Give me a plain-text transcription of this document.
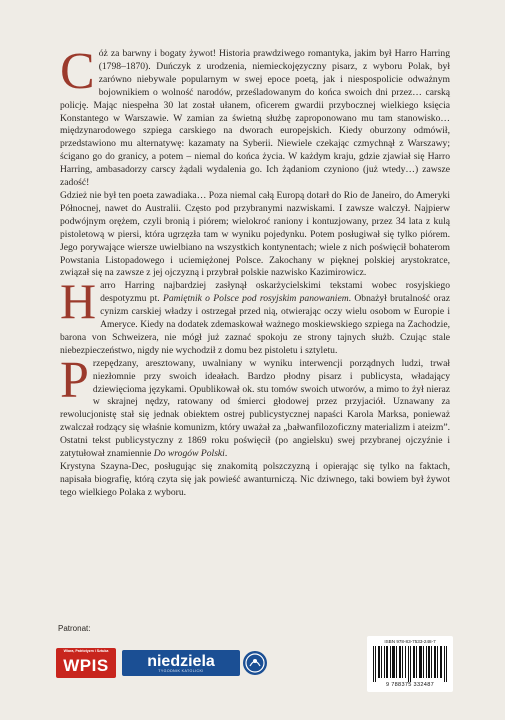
Cóż za barwny i bogaty żywot! Historia prawdziwego romantyka, jakim był Harro Harring (1798–1870). Duńczyk z urodzenia, niemieckojęzyczny pisarz, z wyboru Polak, był zarówno niebywale popularnym w swej epoce poetą, jak i niespospolicie odważnym bojownikiem o wolność narodów, prześladowanym do końca swoich dni przez… carską policję. Mając niespełna 30 lat został ułanem, oficerem gwardii przybocznej wielkiego księcia Konstantego w Warszawie. W zamian za świetną służbę zaproponowano mu tam stanowisko… międzynarodowego szpiega carskiego na dworach europejskich. Kiedy oburzony odmówił, przedstawiono mu alternatywę: kazamaty na Syberii. Niewiele czekając czmychnął z Warszawy; ścigano go do granicy, a potem – niemal do końca życia. W każdym kraju, gdzie zjawiał się Harro Harring, ambasadorzy carscy żądali wydalenia go. Ich żądaniom czyniono (już wtedy…) zawsze zadość!

Gdzież nie był ten poeta zawadiaka… Poza niemal całą Europą dotarł do Rio de Janeiro, do Ameryki Północnej, nawet do Australii. Często pod przybranymi nazwiskami. I zawsze walczył. Najpierw podwójnym orężem, czyli bronią i piórem; wielokroć raniony i kontuzjowany, przez 34 lata z kulą pistoletową w piersi, która ugrzęzła tam w wyniku pojedynku. Potem posługiwał się tylko piórem. Jego porywające wiersze uwielbiano na wszystkich kontynentach; wiele z nich poświęcił bohaterom Powstania Listopadowego i uciemiężonej Polsce. Zakochany w pięknej polskiej arystokratce, związał się na zawsze z jej ojczyzną i przybrał polskie nazwisko Kazimirowicz.

Harro Harring najbardziej zasłynął oskarżycielskimi tekstami wobec rosyjskiego despotyzmu pt. Pamiętnik o Polsce pod rosyjskim panowaniem. Obnażył brutalność oraz cynizm carskiej władzy i ostrzegał przed nią, otwierając oczy wielu osobom w Europie i Ameryce. Kiedy na dodatek zdemaskował ważnego moskiewskiego szpiega na Zachodzie, barona von Schweizera, nie mógł już zaznać spokoju ze strony tajnych służb. Czując stale niebezpieczeństwo, nigdy nie wychodził z domu bez pistoletu i sztyletu.

Przepędzany, aresztowany, uwalniany w wyniku interwencji porządnych ludzi, trwał niezłomnie przy swoich ideałach. Bardzo płodny pisarz i publicysta, władający dziewięcioma językami. Opublikował ok. stu tomów swoich utworów, a mimo to żył nieraz w skrajnej nędzy, ratowany od śmierci głodowej przez przyjaciół. Uznawany za rewolucjonistę stał się jednak obiektem ostrej publicystycznej napaści Karola Marksa, ponieważ zwalczał rodzący się właśnie komunizm, który uważał za „bałwanfilozoficzny materializm i ateizm”. Ostatni tekst publicystyczny z 1869 roku poświęcił (po angielsku) swej przybranej ojczyźnie i zatytułował znamiennie Do wrogów Polski.

Krystyna Szayna-Dec, posługując się znakomitą polszczyzną i opierając się tylko na faktach, napisała biografię, którą czyta się jak powieść awanturniczą. Nic dziwnego, taki bowiem był żywot tego wielkiego Polaka z wyboru.

Patronat:
Wiara, Patriotyzm i Sztuka
WPIS	niedziela
TYGODNIK KATOLICKI
ISBN 978-83-7533-248-7
9 788375 332487
